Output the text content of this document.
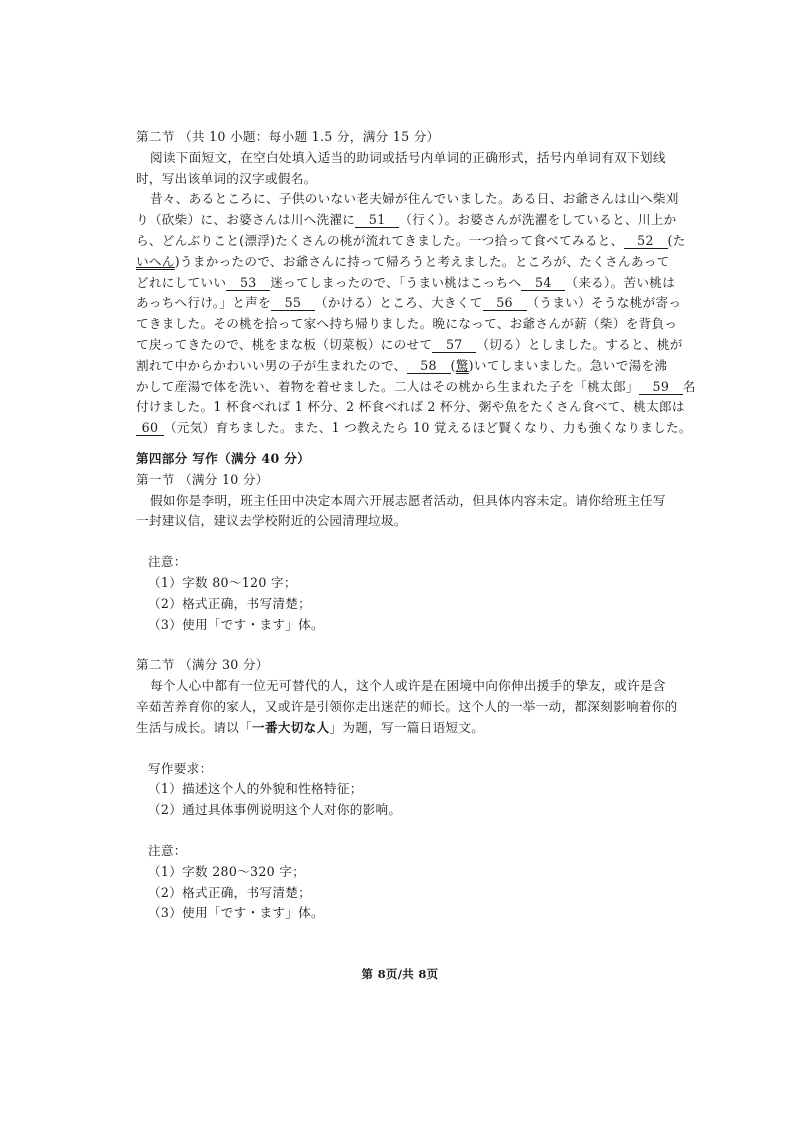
第二节 （共 10 小题：每小题 1.5 分，满分 15 分）
阅读下面短文，在空白处填入适当的助词或括号内单词的正确形式，括号内单词有双下划线
时，写出该单词的汉字或假名。
昔々、あるところに、子供のいない老夫婦が住んでいました。ある日、お爺さんは山へ柴刈
り（砍柴）に、お婆さんは川へ洗濯に 51 （行く）。お婆さんが洗濯をしていると、川上か
ら、どんぶりこと(漂浮)たくさんの桃が流れてきました。一つ拾って食べてみると、 52 (た
いへん)うまかったので、お爺さんに持って帰ろうと考えました。ところが、たくさんあって
どれにしていい 53 迷ってしまったので、「うまい桃はこっちへ 54 （来る）。苦い桃は
あっちへ行け。」と声を 55 （かける）ところ、大きくて 56 （うまい）そうな桃が寄っ
てきました。その桃を拾って家へ持ち帰りました。晩になって、お爺さんが薪（柴）を背負っ
て戻ってきたので、桃をまな板（切菜板）にのせて 57 （切る）としました。すると、桃が
割れて中からかわいい男の子が生まれたので、 58 (驚)いてしまいました。急いで湯を沸
かして産湯で体を洗い、着物を着せました。二人はその桃から生まれた子を「桃太郎」 59 名
付けました。1 杯食べれば 1 杯分、2 杯食べれば 2 杯分、粥や魚をたくさん食べて、桃太郎は
60 （元気）育ちました。また、1 つ教えたら 10 覚えるほど賢くなり、力も強くなりました。
第四部分 写作（满分 40 分）
第一节 （满分 10 分）
假如你是李明，班主任田中决定本周六开展志愿者活动，但具体内容未定。请你给班主任写
一封建议信，建议去学校附近的公园清理垃圾。
注意：
（1）字数 80～120 字；
（2）格式正确，书写清楚；
（3）使用「です・ます」体。
第二节 （满分 30 分）
每个人心中都有一位无可替代的人，这个人或许是在困境中向你伸出援手的挚友，或许是含
辛茹苦养育你的家人，又或许是引领你走出迷茫的师长。这个人的一举一动，都深刻影响着你的
生活与成长。请以「一番大切な人」为题，写一篇日语短文。
写作要求：
（1）描述这个人的外貌和性格特征；
（2）通过具体事例说明这个人对你的影响。
注意：
（1）字数 280～320 字；
（2）格式正确，书写清楚；
（3）使用「です・ます」体。
第 8页/共 8页
